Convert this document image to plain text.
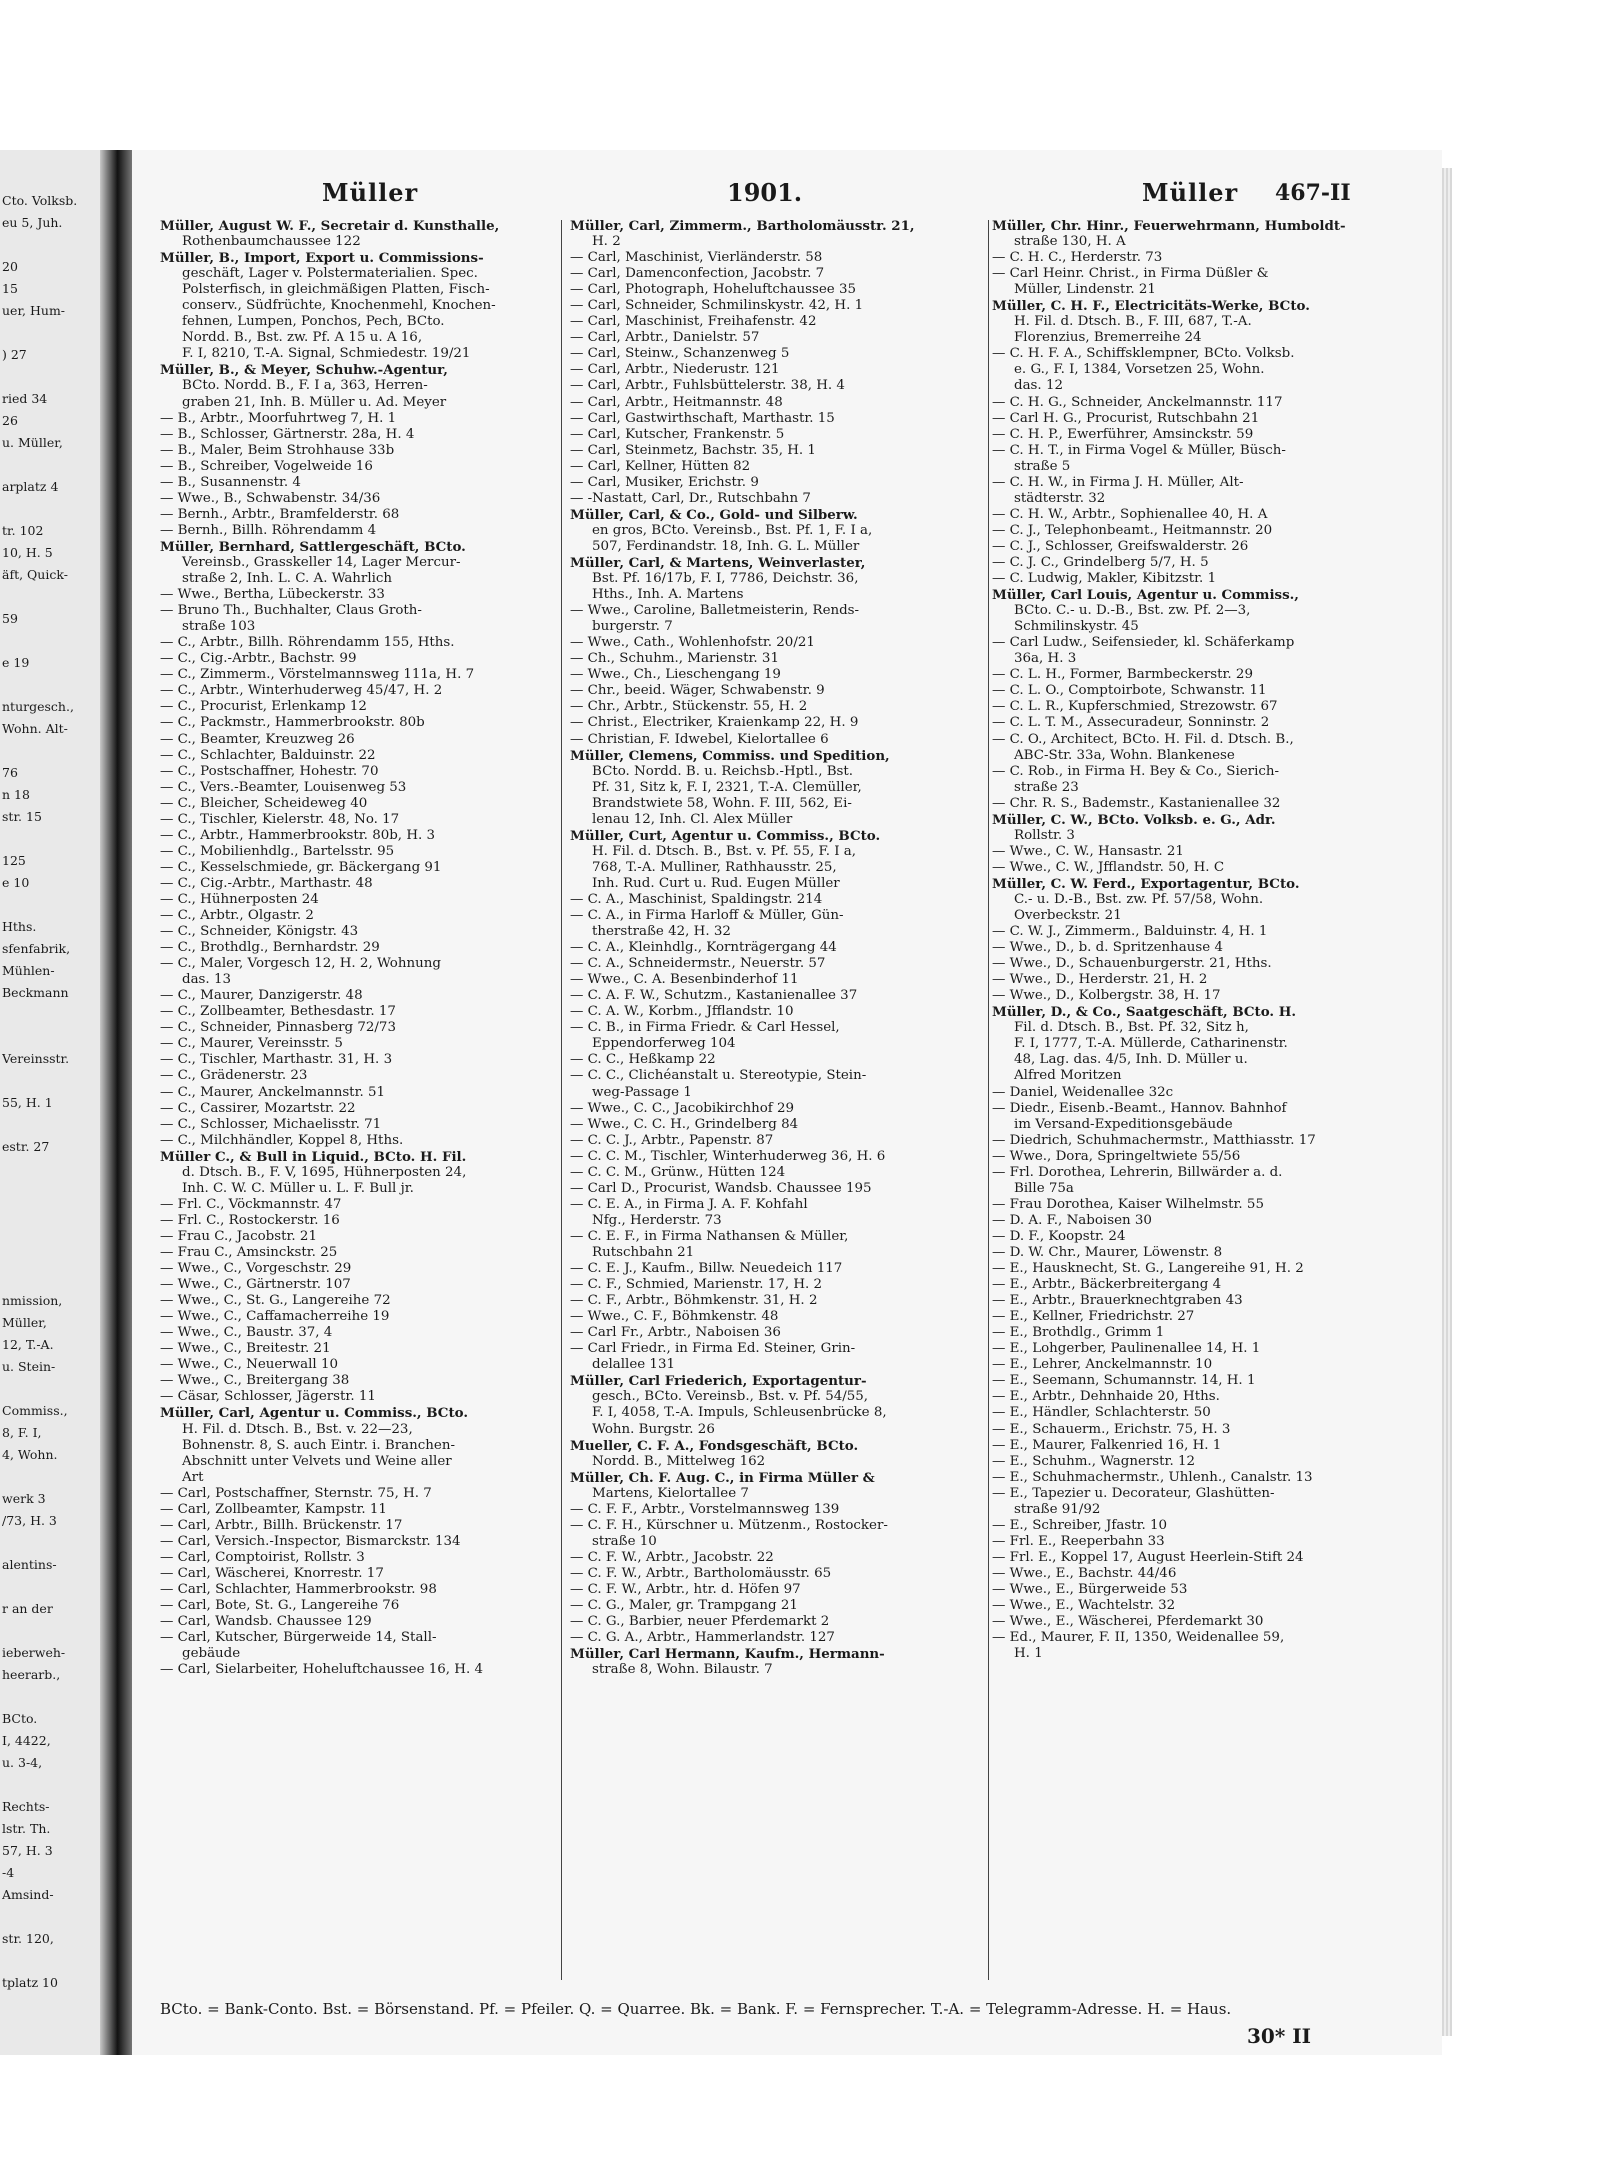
Cto. Volksb.
eu 5, Juh.

20
15
uer, Hum-

) 27

ried 34
26
u. Müller,

arplatz 4

tr. 102
10, H. 5
äft, Quick-

59

e 19

nturgesch.,
Wohn. Alt-

76
n 18
str. 15

125
e 10

Hths.
sfenfabrik,
Mühlen-
Beckmann

Vereinsstr.

55, H. 1

estr. 27

nmission,
Müller,
12, T.-A.
u. Stein-

Commiss.,
8, F. I,
4, Wohn.

werk 3
/73, H. 3

alentins-

r an der

ieberweh-
heerarb.,

BCto.
I, 4422,
u. 3-4,

Rechts-
lstr. Th.
57, H. 3
-4
Amsind-

str. 120,

tplatz 10
Müller	1901.	Müller 467-II
Müller, August W. F., Secretair d. Kunsthalle,
Rothenbaumchaussee 122
Müller, B., Import, Export u. Commissions-
geschäft, Lager v. Polstermaterialien. Spec.
Polsterfisch, in gleichmäßigen Platten, Fisch-
conserv., Südfrüchte, Knochenmehl, Knochen-
fehnen, Lumpen, Ponchos, Pech, BCto.
Nordd. B., Bst. zw. Pf. A 15 u. A 16,
F. I, 8210, T.-A. Signal, Schmiedestr. 19/21
Müller, B., & Meyer, Schuhw.-Agentur,
BCto. Nordd. B., F. I a, 363, Herren-
graben 21, Inh. B. Müller u. Ad. Meyer
— B., Arbtr., Moorfuhrtweg 7, H. 1
— B., Schlosser, Gärtnerstr. 28a, H. 4
— B., Maler, Beim Strohhause 33b
— B., Schreiber, Vogelweide 16
— B., Susannenstr. 4
— Wwe., B., Schwabenstr. 34/36
— Bernh., Arbtr., Bramfelderstr. 68
— Bernh., Billh. Röhrendamm 4
Müller, Bernhard, Sattlergeschäft, BCto.
Vereinsb., Grasskeller 14, Lager Mercur-
straße 2, Inh. L. C. A. Wahrlich
— Wwe., Bertha, Lübeckerstr. 33
— Bruno Th., Buchhalter, Claus Groth-
straße 103
— C., Arbtr., Billh. Röhrendamm 155, Hths.
— C., Cig.-Arbtr., Bachstr. 99
— C., Zimmerm., Vörstelmannsweg 111a, H. 7
— C., Arbtr., Winterhuderweg 45/47, H. 2
— C., Procurist, Erlenkamp 12
— C., Packmstr., Hammerbrookstr. 80b
— C., Beamter, Kreuzweg 26
— C., Schlachter, Balduinstr. 22
— C., Postschaffner, Hohestr. 70
— C., Vers.-Beamter, Louisenweg 53
— C., Bleicher, Scheideweg 40
— C., Tischler, Kielerstr. 48, No. 17
— C., Arbtr., Hammerbrookstr. 80b, H. 3
— C., Mobilienhdlg., Bartelsstr. 95
— C., Kesselschmiede, gr. Bäckergang 91
— C., Cig.-Arbtr., Marthastr. 48
— C., Hühnerposten 24
— C., Arbtr., Olgastr. 2
— C., Schneider, Königstr. 43
— C., Brothdlg., Bernhardstr. 29
— C., Maler, Vorgesch 12, H. 2, Wohnung
das. 13
— C., Maurer, Danzigerstr. 48
— C., Zollbeamter, Bethesdastr. 17
— C., Schneider, Pinnasberg 72/73
— C., Maurer, Vereinsstr. 5
— C., Tischler, Marthastr. 31, H. 3
— C., Grädenerstr. 23
— C., Maurer, Anckelmannstr. 51
— C., Cassirer, Mozartstr. 22
— C., Schlosser, Michaelisstr. 71
— C., Milchhändler, Koppel 8, Hths.
Müller C., & Bull in Liquid., BCto. H. Fil.
d. Dtsch. B., F. V, 1695, Hühnerposten 24,
Inh. C. W. C. Müller u. L. F. Bull jr.
— Frl. C., Vöckmannstr. 47
— Frl. C., Rostockerstr. 16
— Frau C., Jacobstr. 21
— Frau C., Amsinckstr. 25
— Wwe., C., Vorgeschstr. 29
— Wwe., C., Gärtnerstr. 107
— Wwe., C., St. G., Langereihe 72
— Wwe., C., Caffamacherreihe 19
— Wwe., C., Baustr. 37, 4
— Wwe., C., Breitestr. 21
— Wwe., C., Neuerwall 10
— Wwe., C., Breitergang 38
— Cäsar, Schlosser, Jägerstr. 11
Müller, Carl, Agentur u. Commiss., BCto.
H. Fil. d. Dtsch. B., Bst. v. 22—23,
Bohnenstr. 8, S. auch Eintr. i. Branchen-
Abschnitt unter Velvets und Weine aller
Art
— Carl, Postschaffner, Sternstr. 75, H. 7
— Carl, Zollbeamter, Kampstr. 11
— Carl, Arbtr., Billh. Brückenstr. 17
— Carl, Versich.-Inspector, Bismarckstr. 134
— Carl, Comptoirist, Rollstr. 3
— Carl, Wäscherei, Knorrestr. 17
— Carl, Schlachter, Hammerbrookstr. 98
— Carl, Bote, St. G., Langereihe 76
— Carl, Wandsb. Chaussee 129
— Carl, Kutscher, Bürgerweide 14, Stall-
gebäude
— Carl, Sielarbeiter, Hoheluftchaussee 16, H. 4
Müller, Carl, Zimmerm., Bartholomäusstr. 21,
H. 2
— Carl, Maschinist, Vierländerstr. 58
— Carl, Damenconfection, Jacobstr. 7
— Carl, Photograph, Hoheluftchaussee 35
— Carl, Schneider, Schmilinskystr. 42, H. 1
— Carl, Maschinist, Freihafenstr. 42
— Carl, Arbtr., Danielstr. 57
— Carl, Steinw., Schanzenweg 5
— Carl, Arbtr., Niederustr. 121
— Carl, Arbtr., Fuhlsbüttelerstr. 38, H. 4
— Carl, Arbtr., Heitmannstr. 48
— Carl, Gastwirthschaft, Marthastr. 15
— Carl, Kutscher, Frankenstr. 5
— Carl, Steinmetz, Bachstr. 35, H. 1
— Carl, Kellner, Hütten 82
— Carl, Musiker, Erichstr. 9
— -Nastatt, Carl, Dr., Rutschbahn 7
Müller, Carl, & Co., Gold- und Silberw.
en gros, BCto. Vereinsb., Bst. Pf. 1, F. I a,
507, Ferdinandstr. 18, Inh. G. L. Müller
Müller, Carl, & Martens, Weinverlaster,
Bst. Pf. 16/17b, F. I, 7786, Deichstr. 36,
Hths., Inh. A. Martens
— Wwe., Caroline, Balletmeisterin, Rends-
burgerstr. 7
— Wwe., Cath., Wohlenhofstr. 20/21
— Ch., Schuhm., Marienstr. 31
— Wwe., Ch., Lieschengang 19
— Chr., beeid. Wäger, Schwabenstr. 9
— Chr., Arbtr., Stückenstr. 55, H. 2
— Christ., Electriker, Kraienkamp 22, H. 9
— Christian, F. Idwebel, Kielortallee 6
Müller, Clemens, Commiss. und Spedition,
BCto. Nordd. B. u. Reichsb.-Hptl., Bst.
Pf. 31, Sitz k, F. I, 2321, T.-A. Clemüller,
Brandstwiete 58, Wohn. F. III, 562, Ei-
lenau 12, Inh. Cl. Alex Müller
Müller, Curt, Agentur u. Commiss., BCto.
H. Fil. d. Dtsch. B., Bst. v. Pf. 55, F. I a,
768, T.-A. Mulliner, Rathhausstr. 25,
Inh. Rud. Curt u. Rud. Eugen Müller
— C. A., Maschinist, Spaldingstr. 214
— C. A., in Firma Harloff & Müller, Gün-
therstraße 42, H. 32
— C. A., Kleinhdlg., Kornträgergang 44
— C. A., Schneidermstr., Neuerstr. 57
— Wwe., C. A. Besenbinderhof 11
— C. A. F. W., Schutzm., Kastanienallee 37
— C. A. W., Korbm., Jfflandstr. 10
— C. B., in Firma Friedr. & Carl Hessel,
Eppendorferweg 104
— C. C., Heßkamp 22
— C. C., Clichéanstalt u. Stereotypie, Stein-
weg-Passage 1
— Wwe., C. C., Jacobikirchhof 29
— Wwe., C. C. H., Grindelberg 84
— C. C. J., Arbtr., Papenstr. 87
— C. C. M., Tischler, Winterhuderweg 36, H. 6
— C. C. M., Grünw., Hütten 124
— Carl D., Procurist, Wandsb. Chaussee 195
— C. E. A., in Firma J. A. F. Kohfahl
Nfg., Herderstr. 73
— C. E. F., in Firma Nathansen & Müller,
Rutschbahn 21
— C. E. J., Kaufm., Billw. Neuedeich 117
— C. F., Schmied, Marienstr. 17, H. 2
— C. F., Arbtr., Böhmkenstr. 31, H. 2
— Wwe., C. F., Böhmkenstr. 48
— Carl Fr., Arbtr., Naboisen 36
— Carl Friedr., in Firma Ed. Steiner, Grin-
delallee 131
Müller, Carl Friederich, Exportagentur-
gesch., BCto. Vereinsb., Bst. v. Pf. 54/55,
F. I, 4058, T.-A. Impuls, Schleusenbrücke 8,
Wohn. Burgstr. 26
Mueller, C. F. A., Fondsgeschäft, BCto.
Nordd. B., Mittelweg 162
Müller, Ch. F. Aug. C., in Firma Müller &
Martens, Kielortallee 7
— C. F. F., Arbtr., Vorstelmannsweg 139
— C. F. H., Kürschner u. Mützenm., Rostocker-
straße 10
— C. F. W., Arbtr., Jacobstr. 22
— C. F. W., Arbtr., Bartholomäusstr. 65
— C. F. W., Arbtr., htr. d. Höfen 97
— C. G., Maler, gr. Trampgang 21
— C. G., Barbier, neuer Pferdemarkt 2
— C. G. A., Arbtr., Hammerlandstr. 127
Müller, Carl Hermann, Kaufm., Hermann-
straße 8, Wohn. Bilaustr. 7
Müller, Chr. Hinr., Feuerwehrmann, Humboldt-
straße 130, H. A
— C. H. C., Herderstr. 73
— Carl Heinr. Christ., in Firma Düßler &
Müller, Lindenstr. 21
Müller, C. H. F., Electricitäts-Werke, BCto.
H. Fil. d. Dtsch. B., F. III, 687, T.-A.
Florenzius, Bremerreihe 24
— C. H. F. A., Schiffsklempner, BCto. Volksb.
e. G., F. I, 1384, Vorsetzen 25, Wohn.
das. 12
— C. H. G., Schneider, Anckelmannstr. 117
— Carl H. G., Procurist, Rutschbahn 21
— C. H. P., Ewerführer, Amsinckstr. 59
— C. H. T., in Firma Vogel & Müller, Büsch-
straße 5
— C. H. W., in Firma J. H. Müller, Alt-
städterstr. 32
— C. H. W., Arbtr., Sophienallee 40, H. A
— C. J., Telephonbeamt., Heitmannstr. 20
— C. J., Schlosser, Greifswalderstr. 26
— C. J. C., Grindelberg 5/7, H. 5
— C. Ludwig, Makler, Kibitzstr. 1
Müller, Carl Louis, Agentur u. Commiss.,
BCto. C.- u. D.-B., Bst. zw. Pf. 2—3,
Schmilinskystr. 45
— Carl Ludw., Seifensieder, kl. Schäferkamp
36a, H. 3
— C. L. H., Former, Barmbeckerstr. 29
— C. L. O., Comptoirbote, Schwanstr. 11
— C. L. R., Kupferschmied, Strezowstr. 67
— C. L. T. M., Assecuradeur, Sonninstr. 2
— C. O., Architect, BCto. H. Fil. d. Dtsch. B.,
ABC-Str. 33a, Wohn. Blankenese
— C. Rob., in Firma H. Bey & Co., Sierich-
straße 23
— Chr. R. S., Bademstr., Kastanienallee 32
Müller, C. W., BCto. Volksb. e. G., Adr.
Rollstr. 3
— Wwe., C. W., Hansastr. 21
— Wwe., C. W., Jfflandstr. 50, H. C
Müller, C. W. Ferd., Exportagentur, BCto.
C.- u. D.-B., Bst. zw. Pf. 57/58, Wohn.
Overbeckstr. 21
— C. W. J., Zimmerm., Balduinstr. 4, H. 1
— Wwe., D., b. d. Spritzenhause 4
— Wwe., D., Schauenburgerstr. 21, Hths.
— Wwe., D., Herderstr. 21, H. 2
— Wwe., D., Kolbergstr. 38, H. 17
Müller, D., & Co., Saatgeschäft, BCto. H.
Fil. d. Dtsch. B., Bst. Pf. 32, Sitz h,
F. I, 1777, T.-A. Müllerde, Catharinenstr.
48, Lag. das. 4/5, Inh. D. Müller u.
Alfred Moritzen
— Daniel, Weidenallee 32c
— Diedr., Eisenb.-Beamt., Hannov. Bahnhof
im Versand-Expeditionsgebäude
— Diedrich, Schuhmachermstr., Matthiasstr. 17
— Wwe., Dora, Springeltwiete 55/56
— Frl. Dorothea, Lehrerin, Billwärder a. d.
Bille 75a
— Frau Dorothea, Kaiser Wilhelmstr. 55
— D. A. F., Naboisen 30
— D. F., Koopstr. 24
— D. W. Chr., Maurer, Löwenstr. 8
— E., Hausknecht, St. G., Langereihe 91, H. 2
— E., Arbtr., Bäckerbreitergang 4
— E., Arbtr., Brauerknechtgraben 43
— E., Kellner, Friedrichstr. 27
— E., Brothdlg., Grimm 1
— E., Lohgerber, Paulinenallee 14, H. 1
— E., Lehrer, Anckelmannstr. 10
— E., Seemann, Schumannstr. 14, H. 1
— E., Arbtr., Dehnhaide 20, Hths.
— E., Händler, Schlachterstr. 50
— E., Schauerm., Erichstr. 75, H. 3
— E., Maurer, Falkenried 16, H. 1
— E., Schuhm., Wagnerstr. 12
— E., Schuhmachermstr., Uhlenh., Canalstr. 13
— E., Tapezier u. Decorateur, Glashütten-
straße 91/92
— E., Schreiber, Jfastr. 10
— Frl. E., Reeperbahn 33
— Frl. E., Koppel 17, August Heerlein-Stift 24
— Wwe., E., Bachstr. 44/46
— Wwe., E., Bürgerweide 53
— Wwe., E., Wachtelstr. 32
— Wwe., E., Wäscherei, Pferdemarkt 30
— Ed., Maurer, F. II, 1350, Weidenallee 59,
H. 1
BCto. = Bank-Conto. Bst. = Börsenstand. Pf. = Pfeiler. Q. = Quarree. Bk. = Bank. F. = Fernsprecher. T.-A. = Telegramm-Adresse. H. = Haus.
30* II
